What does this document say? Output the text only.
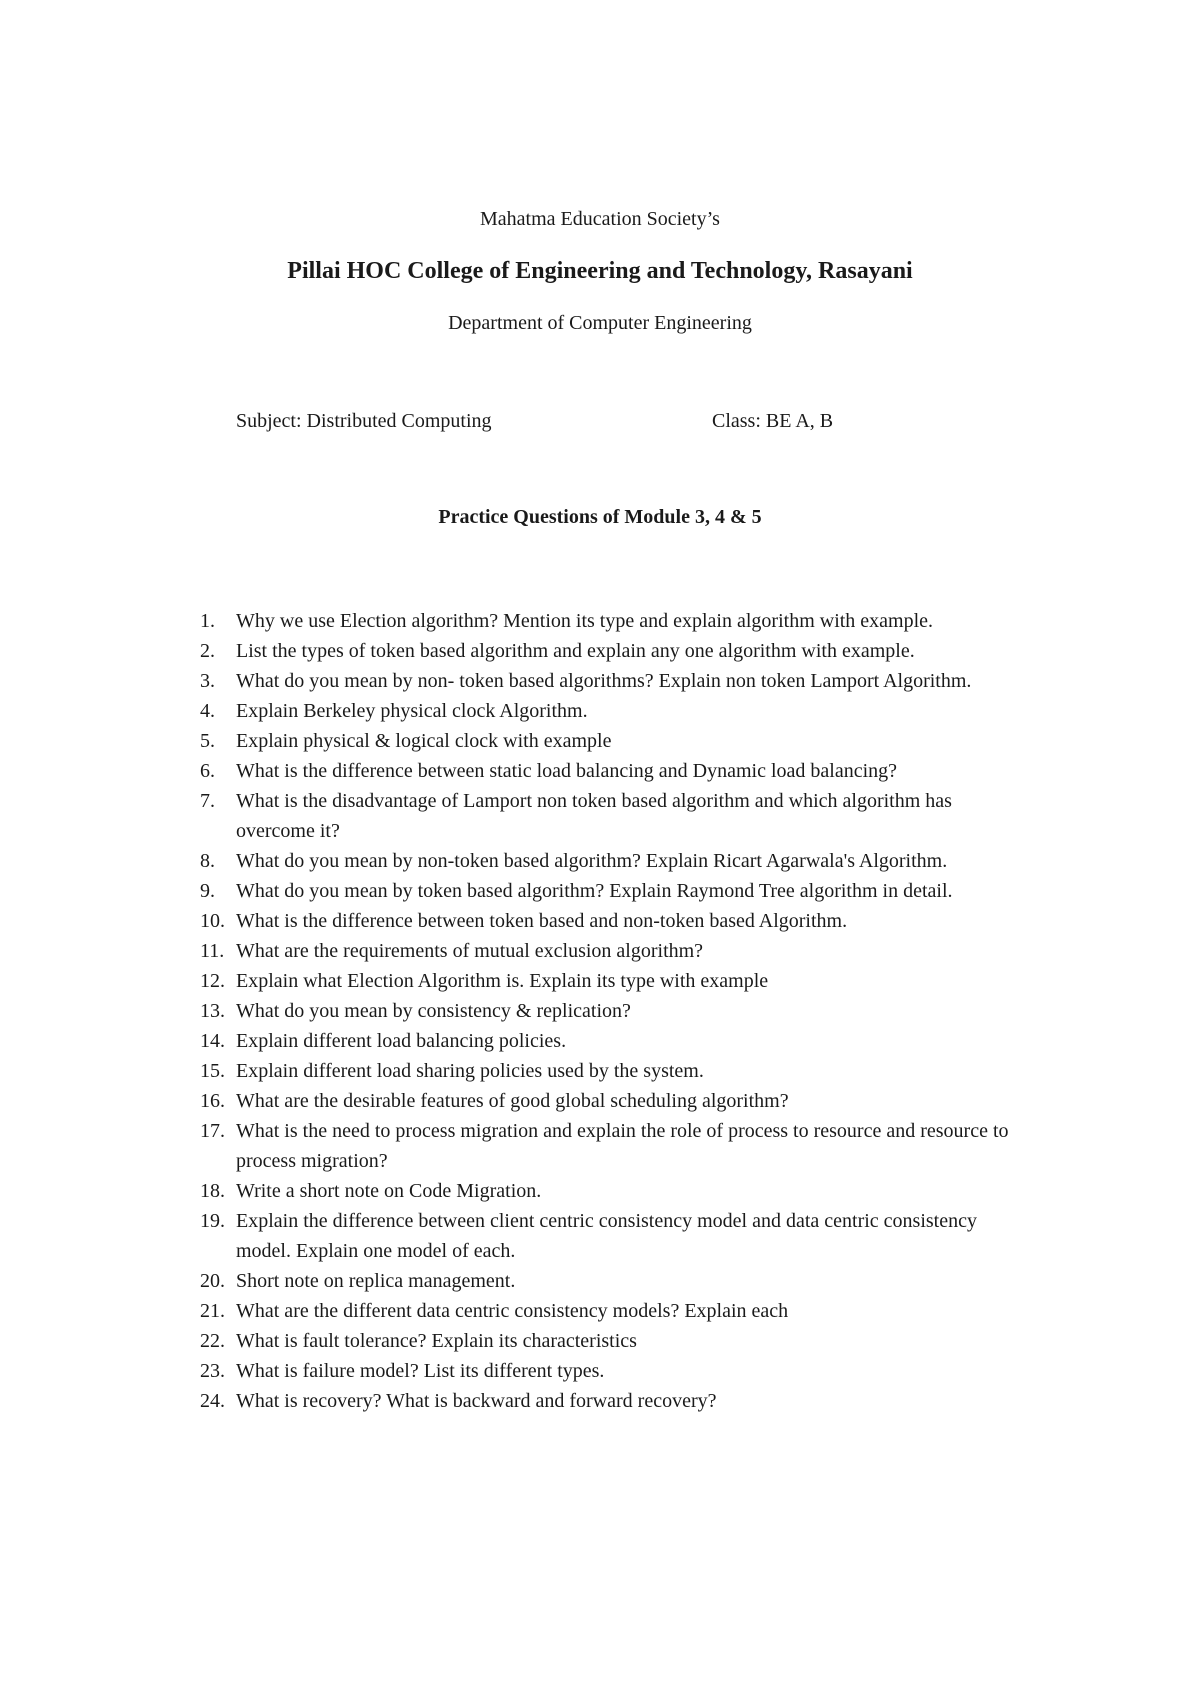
Mahatma Education Society’s
Pillai HOC College of Engineering and Technology, Rasayani
Department of Computer Engineering
Subject: Distributed Computing	Class: BE A, B
Practice Questions of Module 3, 4 & 5
1.	Why we use Election algorithm? Mention its type and explain algorithm with example.
2.	List the types of token based algorithm and explain any one algorithm with example.
3.	What do you mean by non- token based algorithms? Explain non token Lamport Algorithm.
4.	Explain Berkeley physical clock Algorithm.
5.	Explain physical & logical clock with example
6.	What is the difference between static load balancing and Dynamic load balancing?
7.	What is the disadvantage of Lamport non token based algorithm and which algorithm has overcome it?
8.	What do you mean by non-token based algorithm? Explain Ricart Agarwala's Algorithm.
9.	What do you mean by token based algorithm? Explain Raymond Tree algorithm in detail.
10. What is the difference between token based and non-token based Algorithm.
11. What are the requirements of mutual exclusion algorithm?
12. Explain what Election Algorithm is. Explain its type with example
13. What do you mean by consistency & replication?
14. Explain different load balancing policies.
15. Explain different load sharing policies used by the system.
16. What are the desirable features of good global scheduling algorithm?
17. What is the need to process migration and explain the role of process to resource and resource to process migration?
18. Write a short note on Code Migration.
19. Explain the difference between client centric consistency model and data centric consistency model. Explain one model of each.
20. Short note on replica management.
21. What are the different data centric consistency models? Explain each
22. What is fault tolerance? Explain its characteristics
23. What is failure model? List its different types.
24. What is recovery? What is backward and forward recovery?
